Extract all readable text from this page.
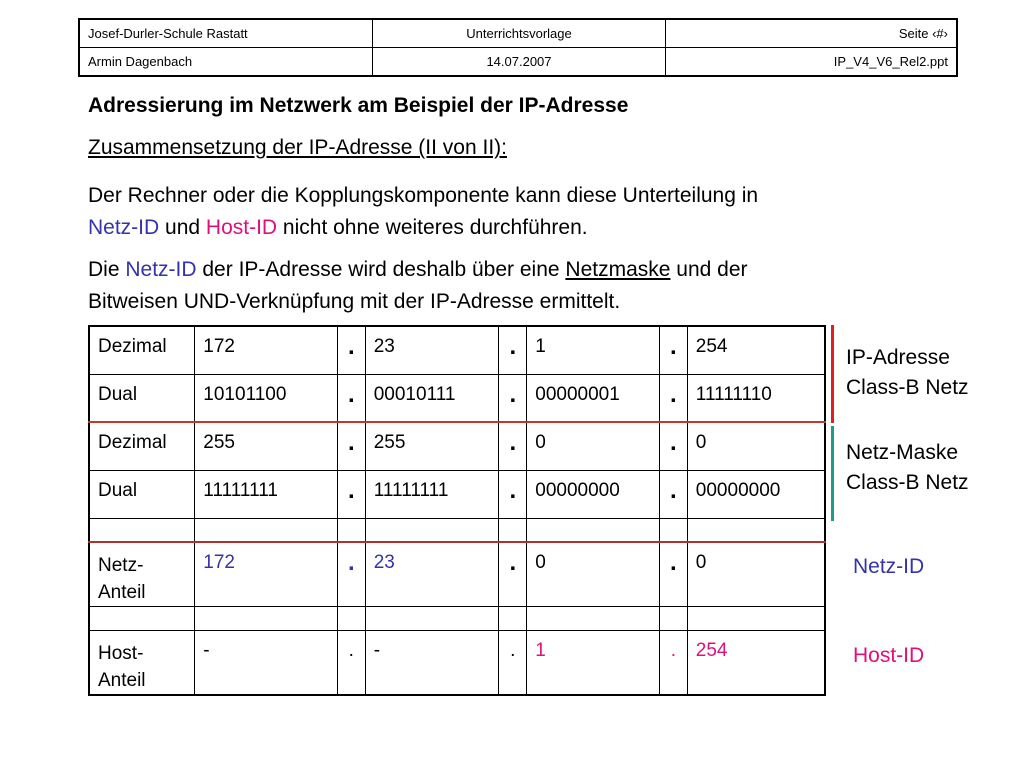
Josef-Durler-Schule Rastatt	Unterrichtsvorlage	Seite ‹#›
Armin Dagenbach	14.07.2007	IP_V4_V6_Rel2.ppt
Adressierung im Netzwerk am Beispiel der IP-Adresse
Zusammensetzung der IP-Adresse (II von II):

Der Rechner oder die Kopplungskomponente kann diese Unterteilung in
Netz-ID und Host-ID nicht ohne weiteres durchführen.

Die Netz-ID der IP-Adresse wird deshalb über eine Netzmaske und der
Bitweisen UND-Verknüpfung mit der IP-Adresse ermittelt.

Dezimal	172	.	23	.	1	.	254
Dual	10101100	.	00010111	.	00000001	.	11111110
Dezimal	255	.	255	.	0	.	0
Dual	11111111	.	11111111	.	00000000	.	00000000

Netz-
Anteil	172	.	23	.	0	.	0

Host-
Anteil	-	.	-	.	1	.	254

IP-Adresse
Class-B Netz

Netz-Maske
Class-B Netz

Netz-ID

Host-ID
